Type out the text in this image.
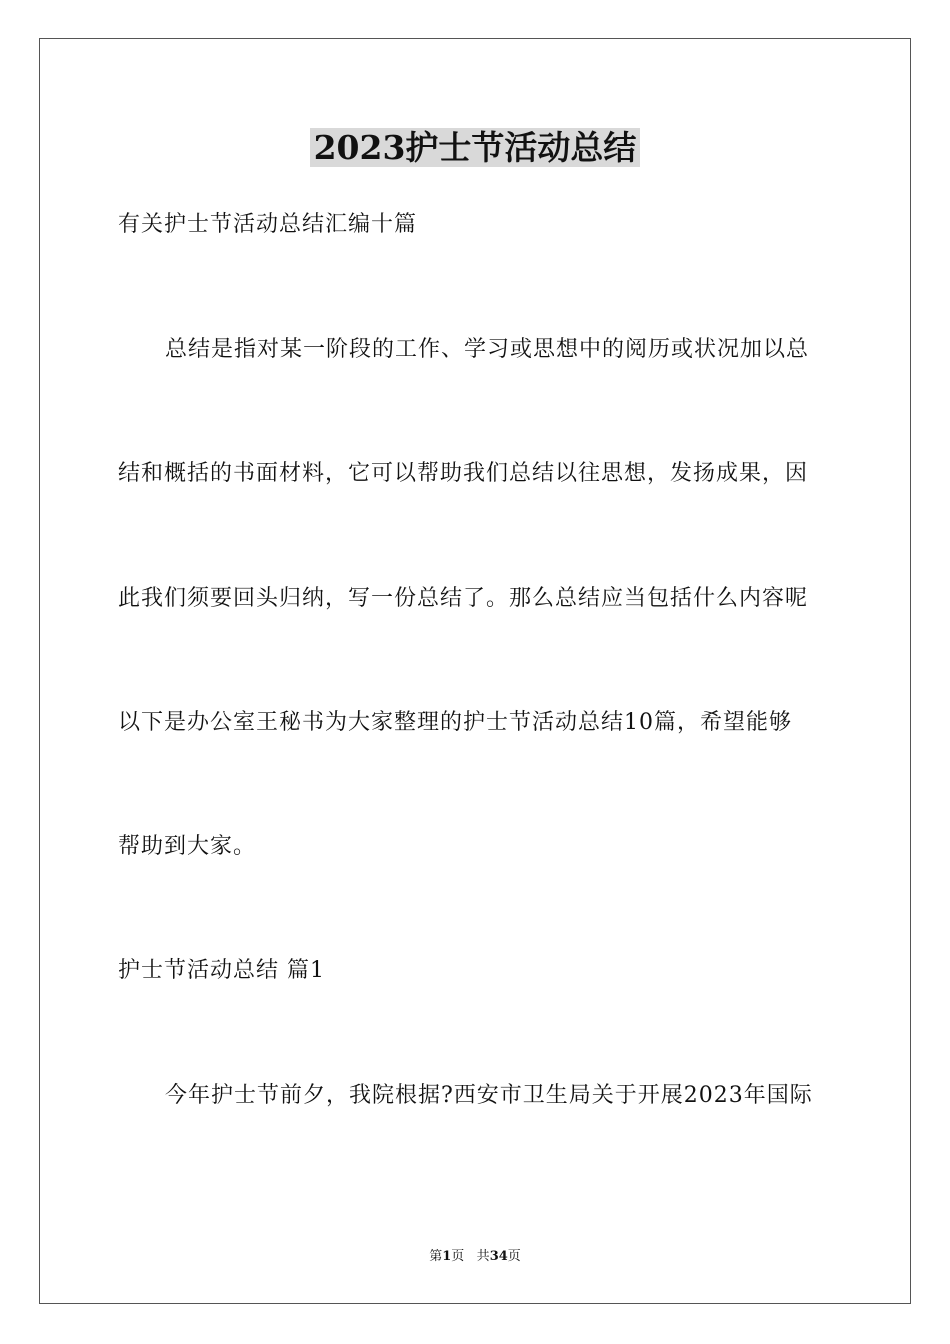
2023护士节活动总结

有关护士节活动总结汇编十篇

总结是指对某一阶段的工作、学习或思想中的阅历或状况加以总

结和概括的书面材料，它可以帮助我们总结以往思想，发扬成果，因

此我们须要回头归纳，写一份总结了。那么总结应当包括什么内容呢

以下是办公室王秘书为大家整理的护士节活动总结10篇，希望能够

帮助到大家。

护士节活动总结 篇1

今年护士节前夕，我院根据?西安市卫生局关于开展2023年国际

第1页 共34页
